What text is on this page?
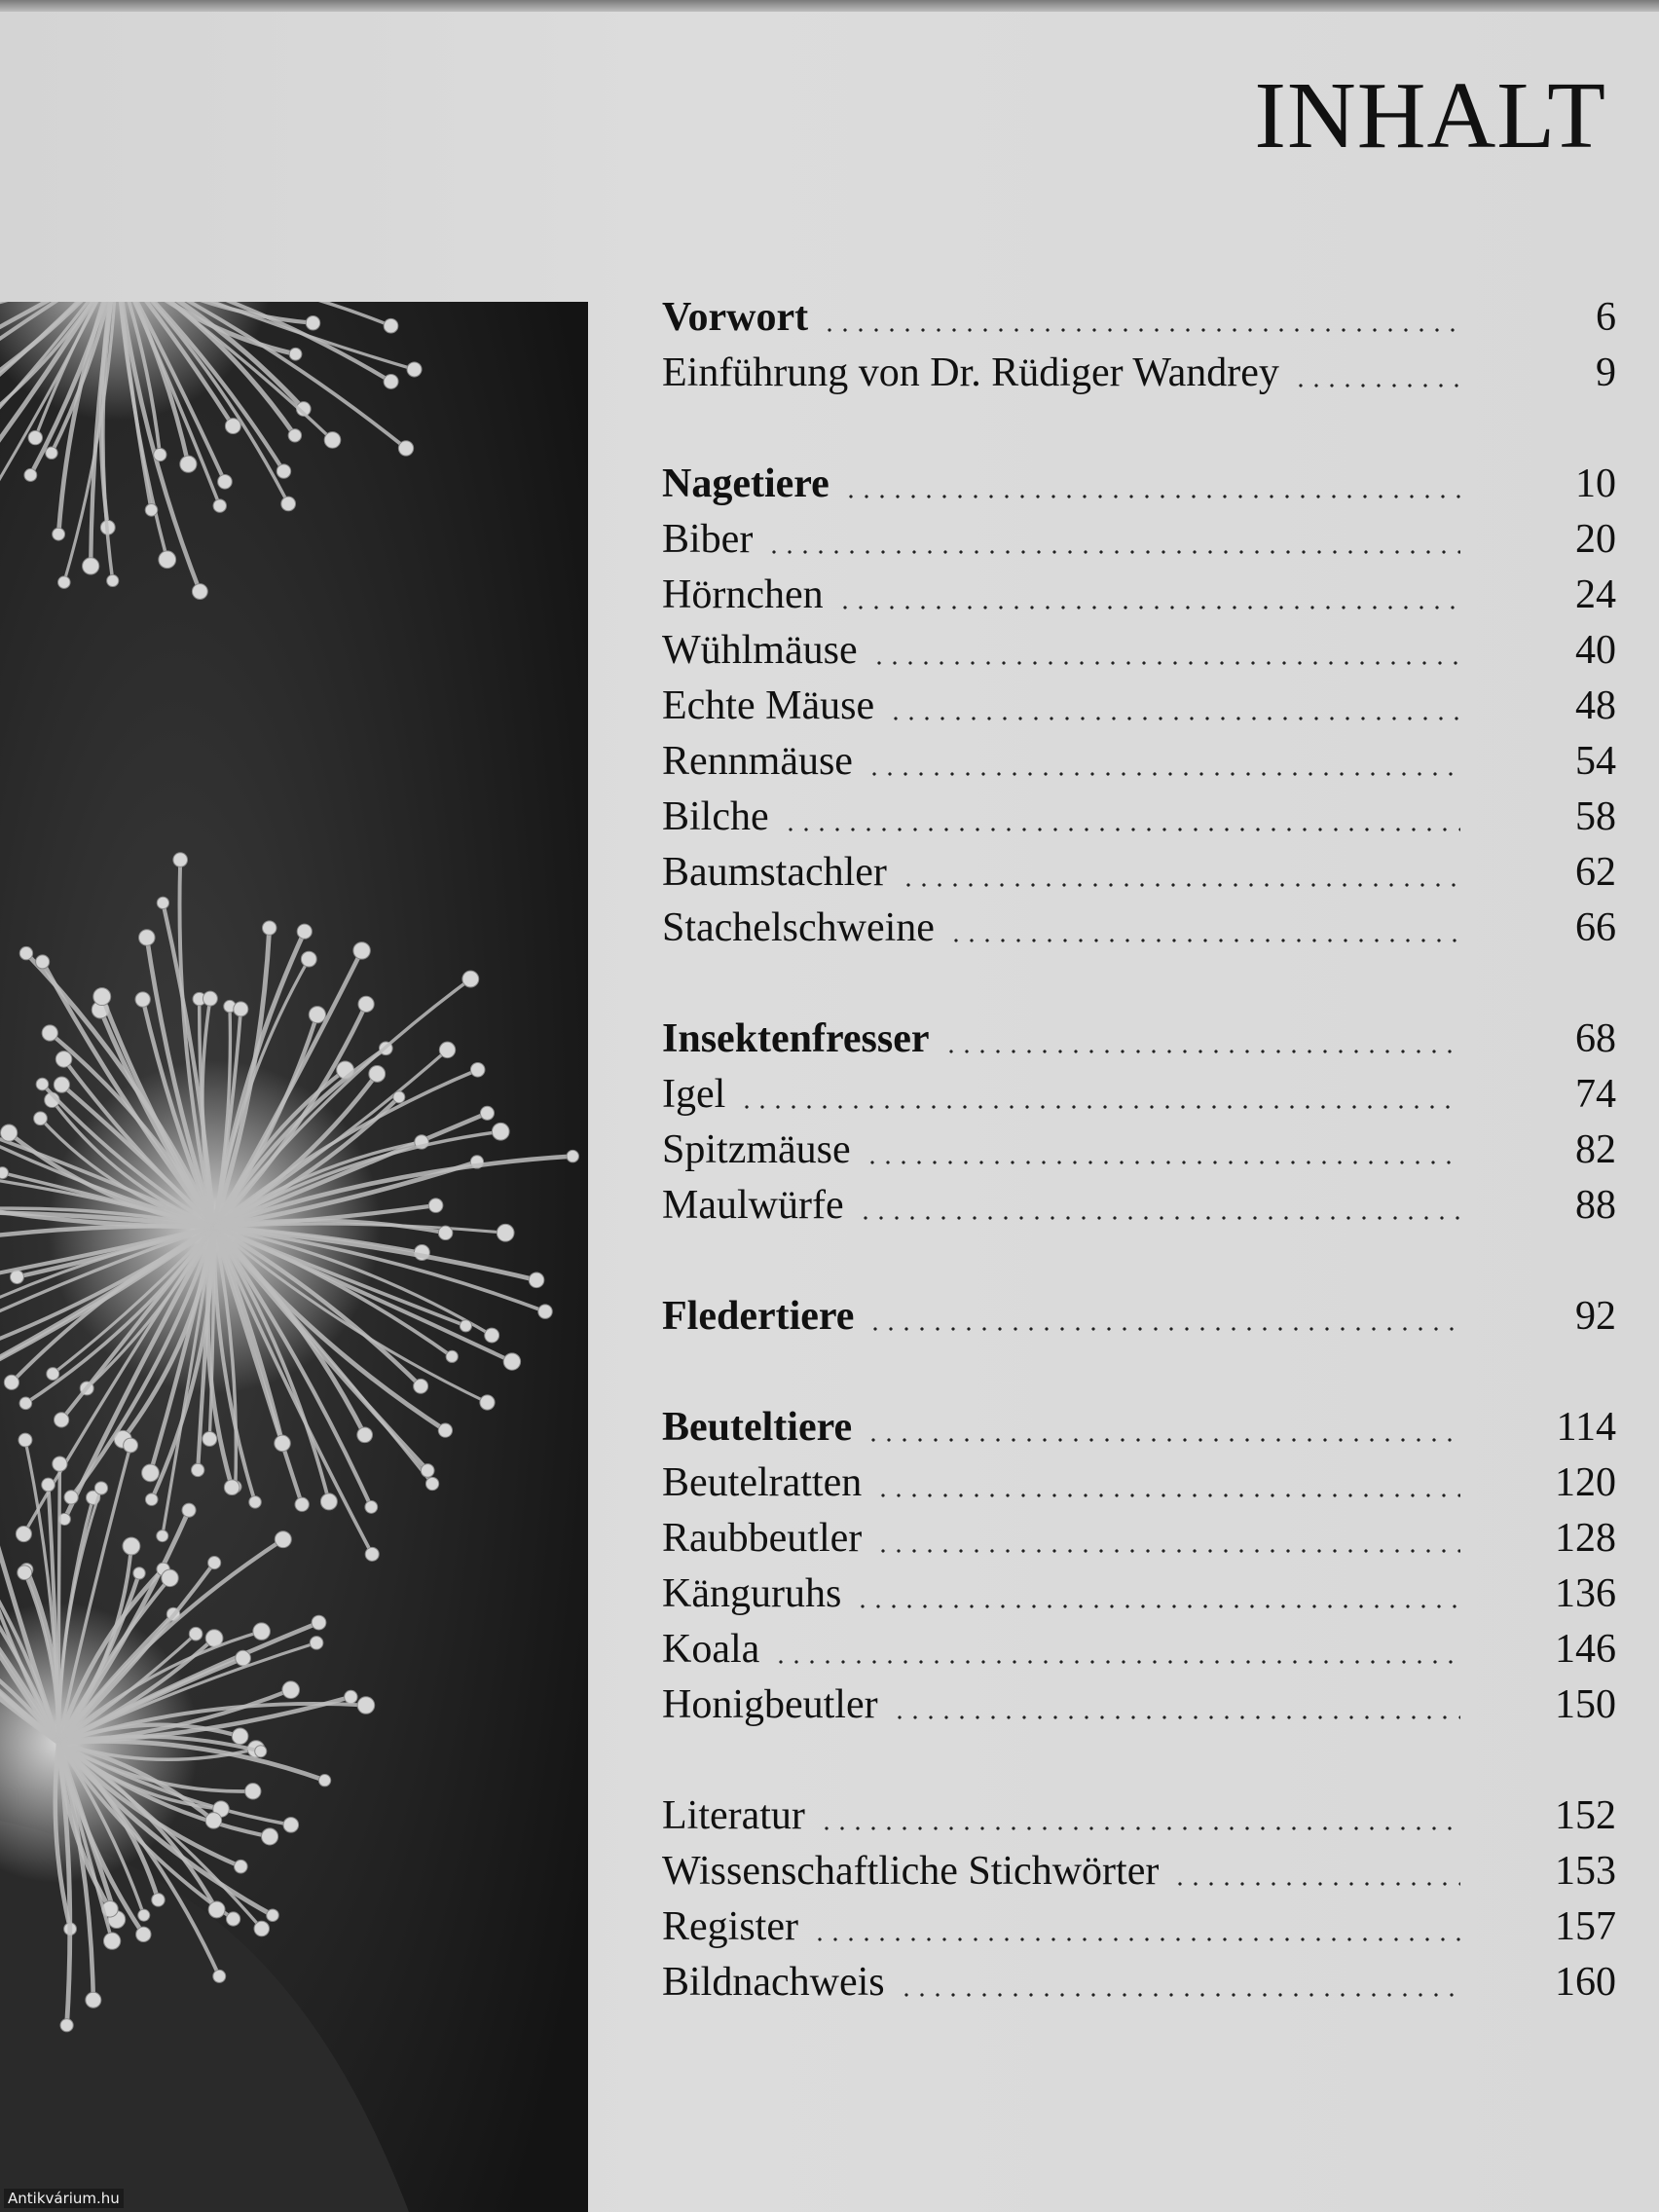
INHALT
Vorwort	6
Einführung von Dr. Rüdiger Wandrey	9
Nagetiere	10
Biber	20
Hörnchen	24
Wühlmäuse	40
Echte Mäuse	48
Rennmäuse	54
Bilche	58
Baumstachler	62
Stachelschweine	66
Insektenfresser	68
Igel	74
Spitzmäuse	82
Maulwürfe	88
Fledertiere	92
Beuteltiere	114
Beutelratten	120
Raubbeutler	128
Känguruhs	136
Koala	146
Honigbeutler	150
Literatur	152
Wissenschaftliche Stichwörter	153
Register	157
Bildnachweis	160
Antikvárium.hu
